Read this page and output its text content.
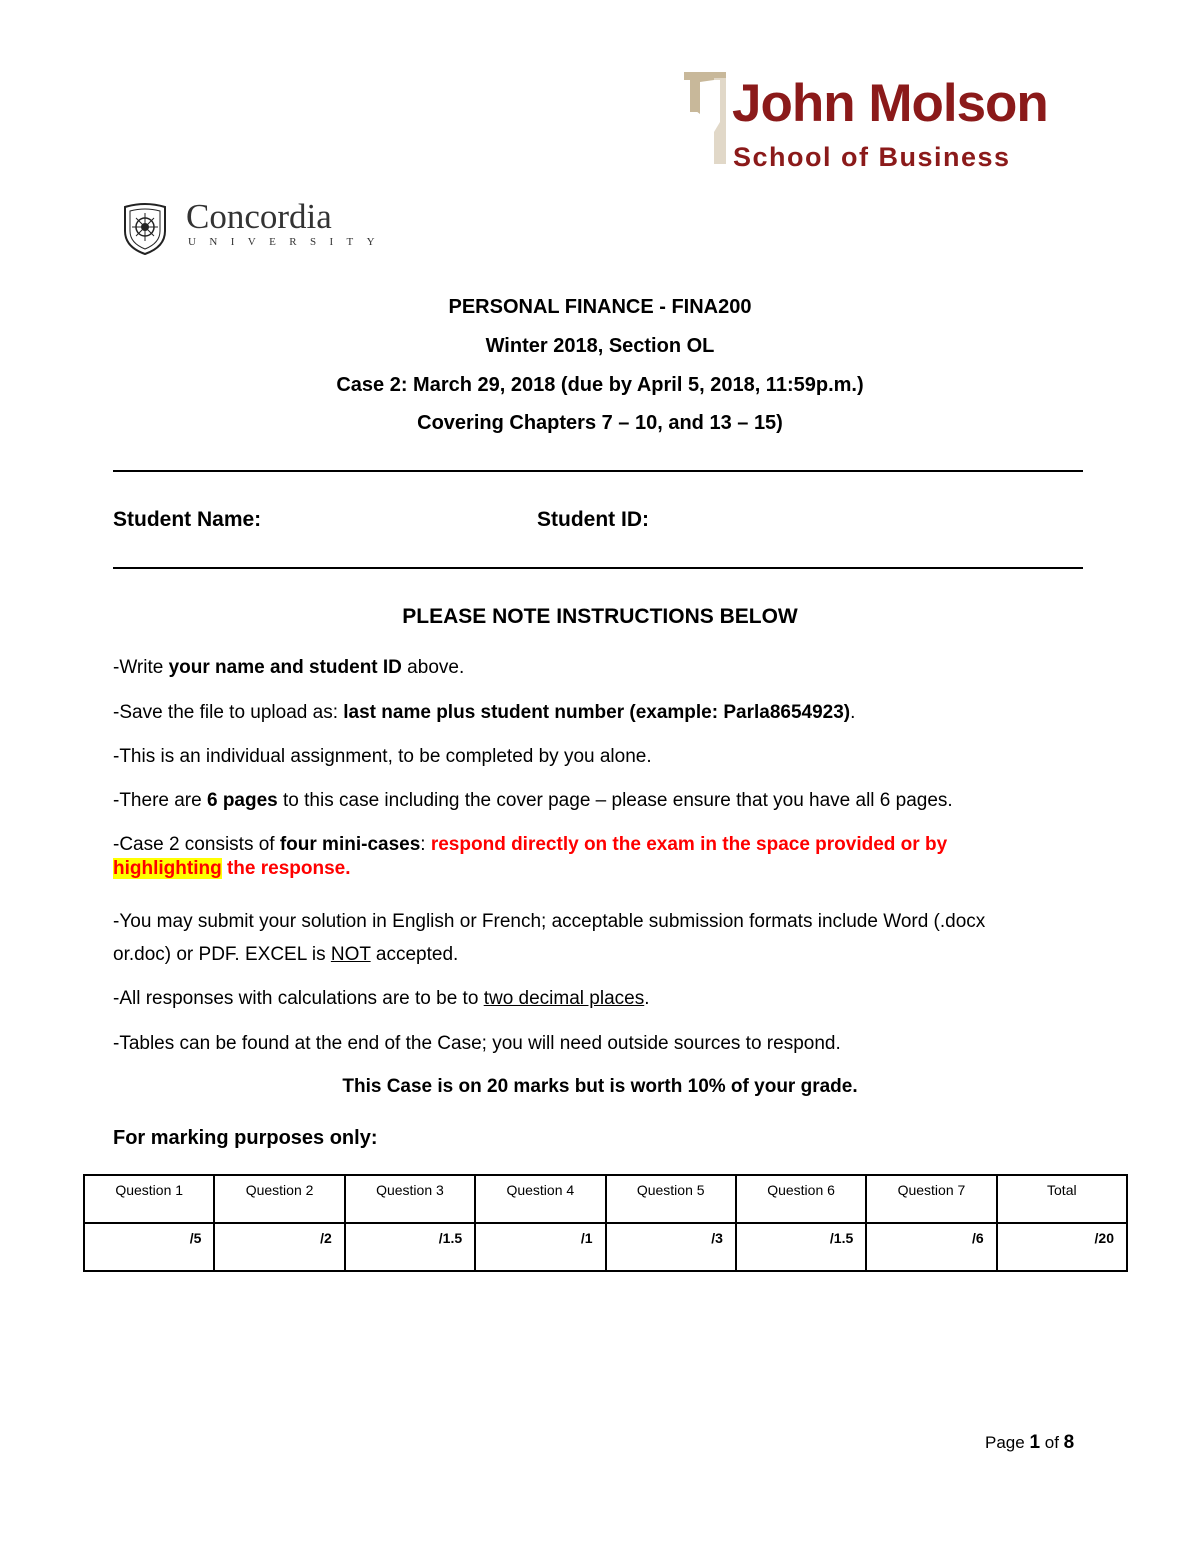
John Molson
School of Business
Concordia
UNIVERSITY
PERSONAL FINANCE - FINA200
Winter 2018, Section OL
Case 2: March 29, 2018 (due by April 5, 2018, 11:59p.m.)
Covering Chapters 7 – 10, and 13 – 15)
Student Name:	Student ID:
PLEASE NOTE INSTRUCTIONS BELOW
-Write your name and student ID above.
-Save the file to upload as: last name plus student number (example: Parla8654923).
-This is an individual assignment, to be completed by you alone.
-There are 6 pages to this case including the cover page – please ensure that you have all 6 pages.
-Case 2 consists of four mini-cases: respond directly on the exam in the space provided or by highlighting the response.
-You may submit your solution in English or French; acceptable submission formats include Word (.docx or.doc) or PDF. EXCEL is NOT accepted.
-All responses with calculations are to be to two decimal places.
-Tables can be found at the end of the Case; you will need outside sources to respond.
This Case is on 20 marks but is worth 10% of your grade.
For marking purposes only:
Question 1	Question 2	Question 3	Question 4	Question 5	Question 6	Question 7	Total
/5	/2	/1.5	/1	/3	/1.5	/6	/20
Page 1 of 8
